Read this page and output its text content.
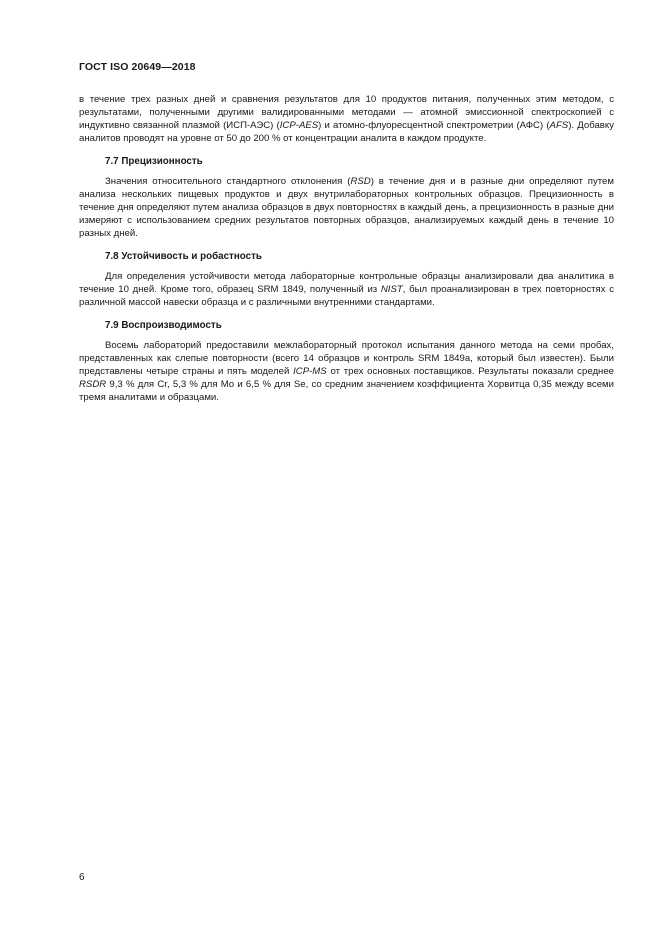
ГОСТ ISO 20649—2018

в течение трех разных дней и сравнения результатов для 10 продуктов питания, полученных этим методом, с результатами, полученными другими валидированными методами — атомной эмиссионной спектроскопией с индуктивно связанной плазмой (ИСП-АЭС) (ICP-AES) и атомно-флуоресцентной спектрометрии (АФС) (AFS). Добавку аналитов проводят на уровне от 50 до 200 % от концентрации аналита в каждом продукте.

7.7 Прецизионность

Значения относительного стандартного отклонения (RSD) в течение дня и в разные дни определяют путем анализа нескольких пищевых продуктов и двух внутрилабораторных контрольных образцов. Прецизионность в течение дня определяют путем анализа образцов в двух повторностях в каждый день, а прецизионность в разные дни измеряют с использованием средних результатов повторных образцов, анализируемых каждый день в течение 10 разных дней.

7.8 Устойчивость и робастность

Для определения устойчивости метода лабораторные контрольные образцы анализировали два аналитика в течение 10 дней. Кроме того, образец SRM 1849, полученный из NIST, был проанализирован в трех повторностях с различной массой навески образца и с различными внутренними стандартами.

7.9 Воспроизводимость

Восемь лабораторий предоставили межлабораторный протокол испытания данного метода на семи пробах, представленных как слепые повторности (всего 14 образцов и контроль SRM 1849a, который был известен). Были представлены четыре страны и пять моделей ICP-MS от трех основных поставщиков. Результаты показали среднее RSDR 9,3 % для Cr, 5,3 % для Mo и 6,5 % для Se, со средним значением коэффициента Хорвитца 0,35 между всеми тремя аналитами и образцами.

6
